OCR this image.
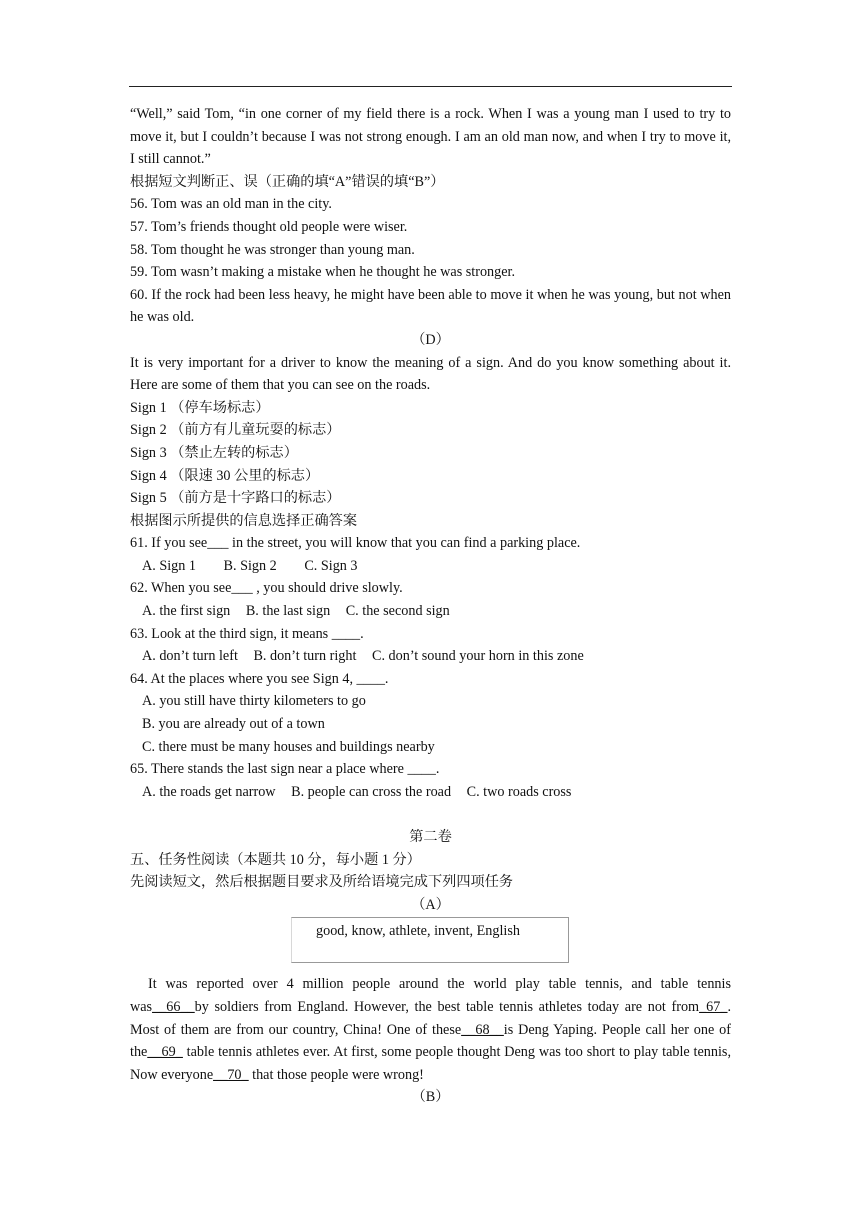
“Well,” said Tom, “in one corner of my field there is a rock. When I was a young man I used to try to move it, but I couldn’t because I was not strong enough. I am an old man now, and when I try to move it, I still cannot.”
根据短文判断正、误（正确的填“A”错误的填“B”）
56. Tom was an old man in the city.
57. Tom’s friends thought old people were wiser.
58. Tom thought he was stronger than young man.
59. Tom wasn’t making a mistake when he thought he was stronger.
60. If the rock had been less heavy, he might have been able to move it when he was young, but not when he was old.
（D）
It is very important for a driver to know the meaning of a sign. And do you know something about it. Here are some of them that you can see on the roads.
Sign 1 （停车场标志）
Sign 2 （前方有儿童玩耍的标志）
Sign 3 （禁止左转的标志）
Sign 4 （限速 30 公里的标志）
Sign 5 （前方是十字路口的标志）
根据图示所提供的信息选择正确答案
61. If you see___ in the street, you will know that you can find a parking place.
A. Sign 1 B. Sign 2 C. Sign 3
62. When you see___ , you should drive slowly.
A. the first sign B. the last sign C. the second sign
63. Look at the third sign, it means ____.
A. don’t turn left B. don’t turn right C. don’t sound your horn in this zone
64. At the places where you see Sign 4, ____.
A. you still have thirty kilometers to go
B. you are already out of a town
C. there must be many houses and buildings nearby
65. There stands the last sign near a place where ____.
A. the roads get narrow B. people can cross the road C. two roads cross
第二卷
五、任务性阅读（本题共 10 分，每小题 1 分）
先阅读短文，然后根据题目要求及所给语境完成下列四项任务
（A）
good, know, athlete, invent, English
It was reported over 4 million people around the world play table tennis, and table tennis was__66__by soldiers from England. However, the best table tennis athletes today are not from_67_. Most of them are from our country, China! One of these__68__is Deng Yaping. People call her one of the__69_ table tennis athletes ever. At first, some people thought Deng was too short to play table tennis, Now everyone__70_ that those people were wrong!
（B）
